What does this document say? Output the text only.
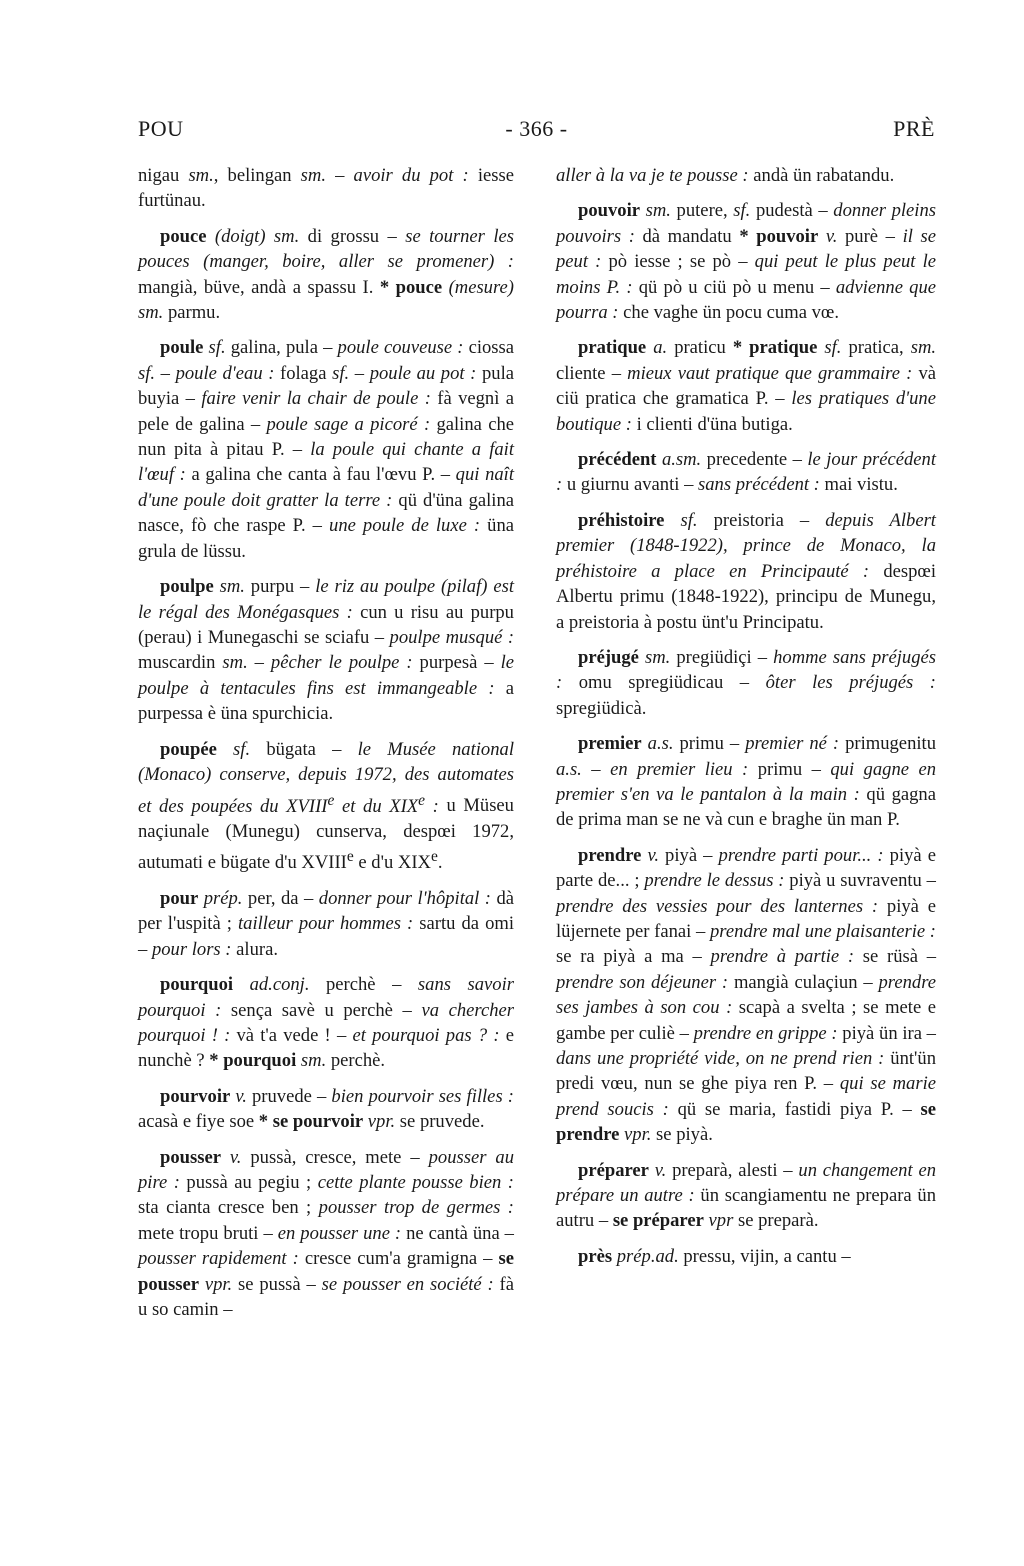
POU	- 366 -	PRÈ

nigau sm., belingan sm. – avoir du pot : iesse furtünau.

pouce (doigt) sm. di grossu – se tourner les pouces (manger, boire, aller se promener) : mangià, büve, andà a spassu I. * pouce (mesure) sm. parmu.

poule sf. galina, pula – poule couveuse : ciossa sf. – poule d'eau : folaga sf. – poule au pot : pula buyia – faire venir la chair de poule : fà vegnì a pele de galina – poule sage a picoré : galina che nun pita à pitau P. – la poule qui chante a fait l'œuf : a galina che canta à fau l'œvu P. – qui naît d'une poule doit gratter la terre : qü d'üna galina nasce, fò che raspe P. – une poule de luxe : üna grula de lüssu.

poulpe sm. purpu – le riz au poulpe (pilaf) est le régal des Monégasques : cun u risu au purpu (perau) i Munegaschi se sciafu – poulpe musqué : muscardin sm. – pêcher le poulpe : purpesà – le poulpe à tentacules fins est immangeable : a purpessa è üna spurchicia.

poupée sf. bügata – le Musée national (Monaco) conserve, depuis 1972, des automates et des poupées du XVIIIe et du XIXe : u Müseu naçiunale (Munegu) cunserva, despœi 1972, autumati e bügate d'u XVIIIe e d'u XIXe.

pour prép. per, da – donner pour l'hôpital : dà per l'uspità ; tailleur pour hommes : sartu da omi – pour lors : alura.

pourquoi ad.conj. perchè – sans savoir pourquoi : sença savè u perchè – va chercher pourquoi ! : và t'a vede ! – et pourquoi pas ? : e nunchè ? * pourquoi sm. perchè.

pourvoir v. pruvede – bien pourvoir ses filles : acasà e fiye soe * se pourvoir vpr. se pruvede.

pousser v. pussà, cresce, mete – pousser au pire : pussà au pegiu ; cette plante pousse bien : sta cianta cresce ben ; pousser trop de germes : mete tropu bruti – en pousser une : ne cantà üna – pousser rapidement : cresce cum'a gramigna – se pousser vpr. se pussà – se pousser en société : fà u so camin –

aller à la va je te pousse : andà ün rabatandu.

pouvoir sm. putere, sf. pudestà – donner pleins pouvoirs : dà mandatu * pouvoir v. purè – il se peut : pò iesse ; se pò – qui peut le plus peut le moins P. : qü pò u ciü pò u menu – advienne que pourra : che vaghe ün pocu cuma vœ.

pratique a. praticu * pratique sf. pratica, sm. cliente – mieux vaut pratique que grammaire : và ciü pratica che gramatica P. – les pratiques d'une boutique : i clienti d'üna butiga.

précédent a.sm. precedente – le jour précédent : u giurnu avanti – sans précédent : mai vistu.

préhistoire sf. preistoria – depuis Albert premier (1848-1922), prince de Monaco, la préhistoire a place en Principauté : despœi Albertu primu (1848-1922), principu de Munegu, a preistoria à postu ünt'u Principatu.

préjugé sm. pregiüdiçi – homme sans préjugés : omu spregiüdicau – ôter les préjugés : spregiüdicà.

premier a.s. primu – premier né : primugenitu a.s. – en premier lieu : primu – qui gagne en premier s'en va le pantalon à la main : qü gagna de prima man se ne và cun e braghe ün man P.

prendre v. piyà – prendre parti pour... : piyà e parte de... ; prendre le dessus : piyà u suvraventu – prendre des vessies pour des lanternes : piyà e lüjernete per fanai – prendre mal une plaisanterie : se ra piyà a ma – prendre à partie : se rüsà – prendre son déjeuner : mangià culaçiun – prendre ses jambes à son cou : scapà a svelta ; se mete e gambe per culiè – prendre en grippe : piyà ün ira – dans une propriété vide, on ne prend rien : ünt'ün predi vœu, nun se ghe piya ren P. – qui se marie prend soucis : qü se maria, fastidi piya P. – se prendre vpr. se piyà.

préparer v. preparà, alesti – un changement en prépare un autre : ün scangiamentu ne prepara ün autru – se préparer vpr se preparà.

près prép.ad. pressu, vijin, a cantu –
